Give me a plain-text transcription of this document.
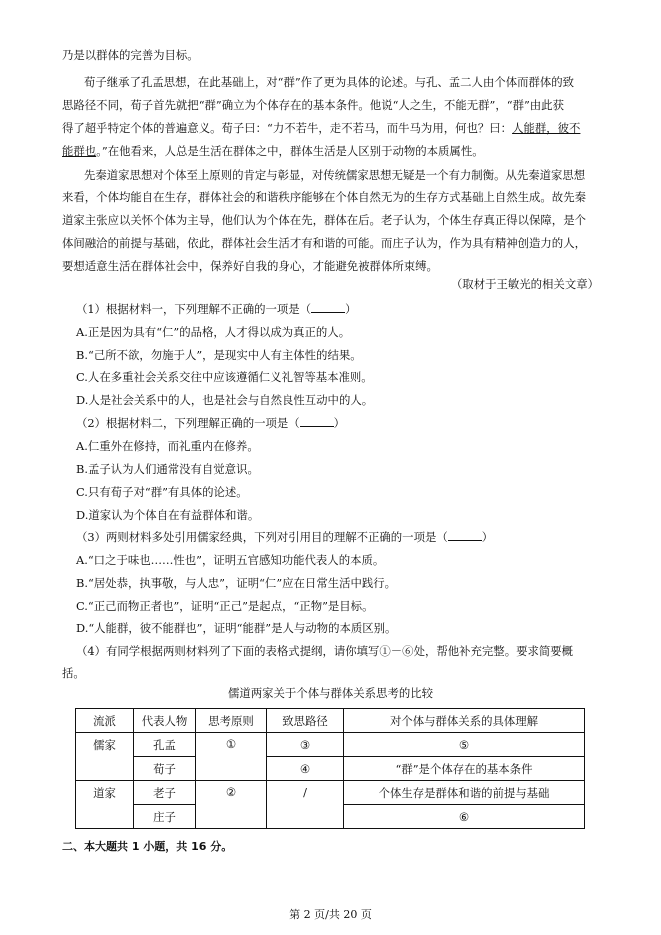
乃是以群体的完善为目标。
荀子继承了孔孟思想，在此基础上，对“群”作了更为具体的论述。与孔、孟二人由个体而群体的致
思路径不同，荀子首先就把“群”确立为个体存在的基本条件。他说“人之生，不能无群”，“群”由此获
得了超乎特定个体的普遍意义。荀子曰：“力不若牛，走不若马，而牛马为用，何也？曰：人能群，彼不
能群也。”在他看来，人总是生活在群体之中，群体生活是人区别于动物的本质属性。
先秦道家思想对个体至上原则的肯定与彰显，对传统儒家思想无疑是一个有力制衡。从先秦道家思想
来看，个体均能自在生存，群体社会的和谐秩序能够在个体自然无为的生存方式基础上自然生成。故先秦
道家主张应以关怀个体为主导，他们认为个体在先，群体在后。老子认为，个体生存真正得以保障，是个
体间融洽的前提与基础，依此，群体社会生活才有和谐的可能。而庄子认为，作为具有精神创造力的人，
要想适意生活在群体社会中，保养好自我的身心，才能避免被群体所束缚。
（取材于王敏光的相关文章）
（1）根据材料一，下列理解不正确的一项是（	）
A.正是因为具有“仁”的品格，人才得以成为真正的人。
B.“己所不欲，勿施于人”，是现实中人有主体性的结果。
C.人在多重社会关系交往中应该遵循仁义礼智等基本准则。
D.人是社会关系中的人，也是社会与自然良性互动中的人。
（2）根据材料二，下列理解正确的一项是（	）
A.仁重外在修持，而礼重内在修养。
B.孟子认为人们通常没有自觉意识。
C.只有荀子对“群”有具体的论述。
D.道家认为个体自在有益群体和谐。
（3）两则材料多处引用儒家经典，下列对引用目的理解不正确的一项是（	）
A.“口之于味也……性也”，证明五官感知功能代表人的本质。
B.“居处恭，执事敬，与人忠”，证明“仁”应在日常生活中践行。
C.“正己而物正者也”，证明“正己”是起点，“正物”是目标。
D.“人能群，彼不能群也”，证明“能群”是人与动物的本质区别。
（4）有同学根据两则材料列了下面的表格式提纲，请你填写①－⑥处，帮他补充完整。要求简要概
括。
儒道两家关于个体与群体关系思考的比较
流派	代表人物	思考原则	致思路径	对个体与群体关系的具体理解
儒家	孔孟	①	③	⑤
	荀子		④	“群”是个体存在的基本条件
道家	老子	②	/	个体生存是群体和谐的前提与基础
	庄子			⑥
二、本大题共 1 小题，共 16 分。
第 2 页/共 20 页
